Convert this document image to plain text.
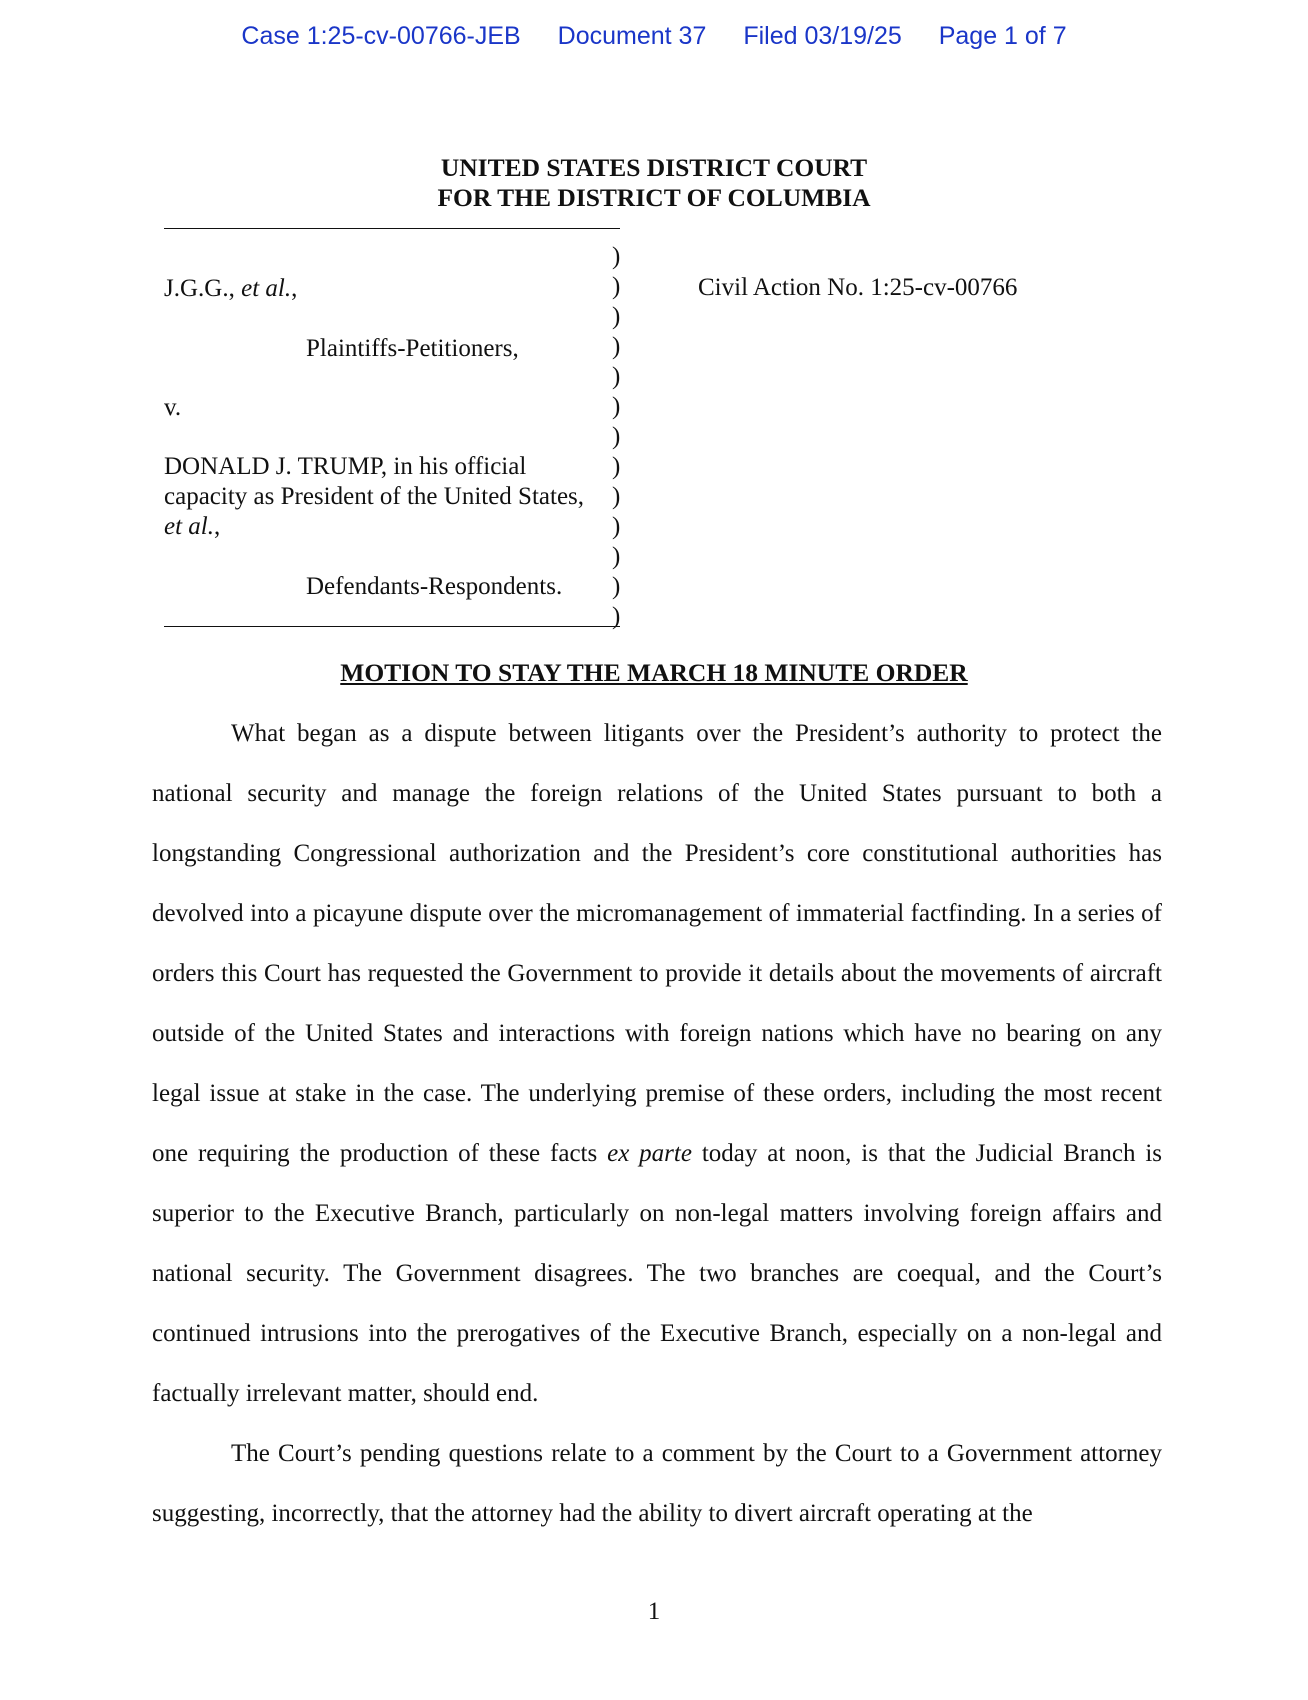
Case 1:25-cv-00766-JEB Document 37 Filed 03/19/25 Page 1 of 7
UNITED STATES DISTRICT COURT
FOR THE DISTRICT OF COLUMBIA
J.G.G., et al.,
Plaintiffs-Petitioners,
v.
DONALD J. TRUMP, in his official
capacity as President of the United States,
et al.,
Defendants-Respondents.
)
)
)
)
)
)
)
)
)
)
)
)
)
Civil Action No. 1:25-cv-00766
MOTION TO STAY THE MARCH 18 MINUTE ORDER

What began as a dispute between litigants over the President’s authority to protect the national security and manage the foreign relations of the United States pursuant to both a longstanding Congressional authorization and the President’s core constitutional authorities has devolved into a picayune dispute over the micromanagement of immaterial factfinding. In a series of orders this Court has requested the Government to provide it details about the movements of aircraft outside of the United States and interactions with foreign nations which have no bearing on any legal issue at stake in the case. The underlying premise of these orders, including the most recent one requiring the production of these facts ex parte today at noon, is that the Judicial Branch is superior to the Executive Branch, particularly on non-legal matters involving foreign affairs and national security. The Government disagrees. The two branches are coequal, and the Court’s continued intrusions into the prerogatives of the Executive Branch, especially on a non-legal and factually irrelevant matter, should end.

The Court’s pending questions relate to a comment by the Court to a Government attorney suggesting, incorrectly, that the attorney had the ability to divert aircraft operating at the

1
